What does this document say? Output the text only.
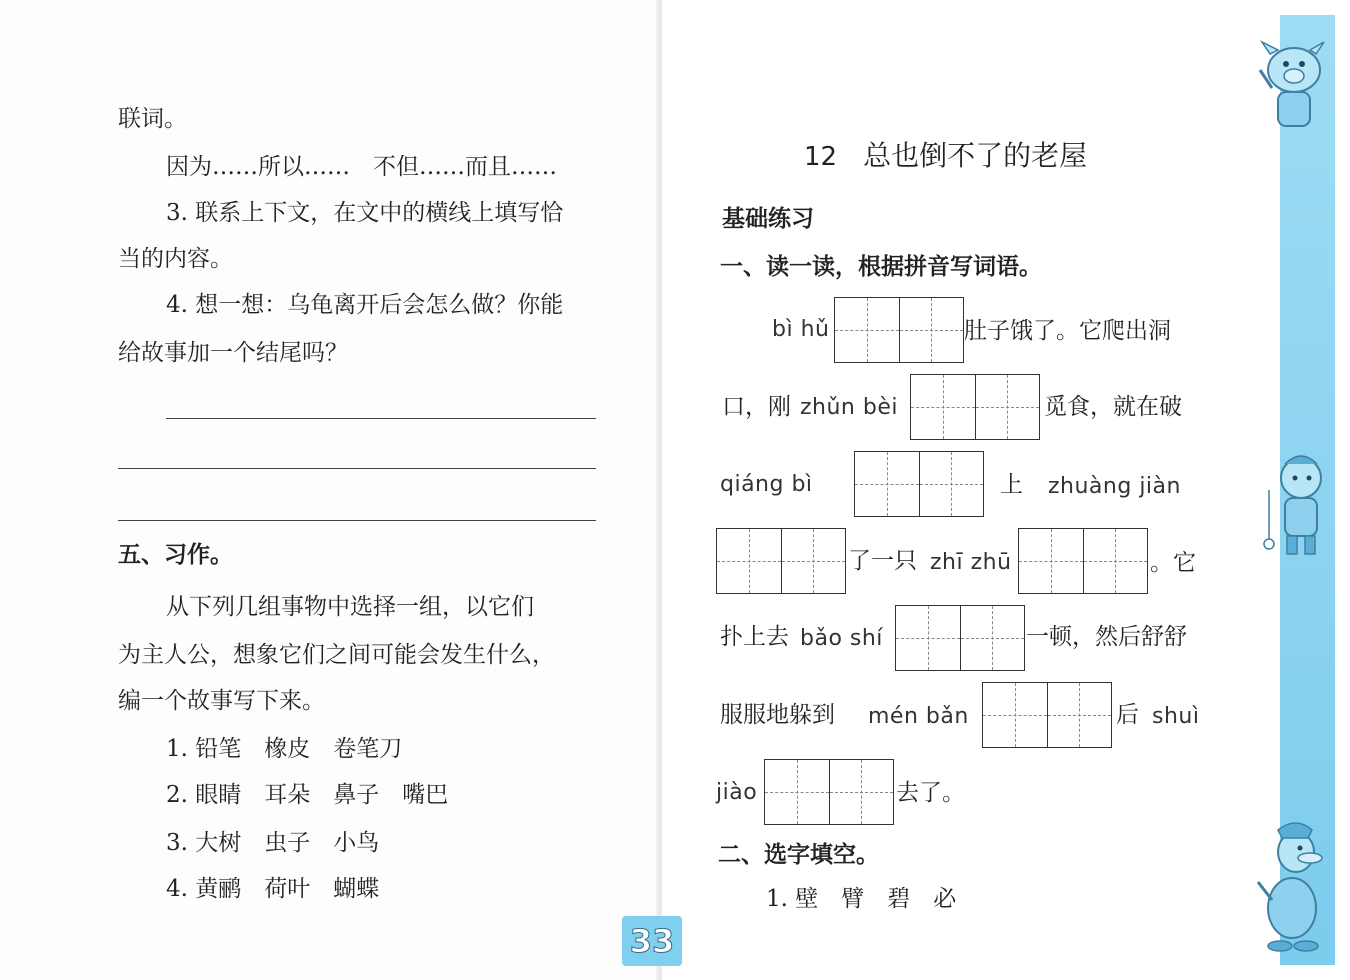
联词。
因为……所以……　不但……而且……
3. 联系上下文，在文中的横线上填写恰
当的内容。
4. 想一想：乌龟离开后会怎么做？你能
给故事加一个结尾吗？
五、习作。
从下列几组事物中选择一组，以它们
为主人公，想象它们之间可能会发生什么，
编一个故事写下来。
1. 铅笔　橡皮　卷笔刀
2. 眼睛　耳朵　鼻子　嘴巴
3. 大树　虫子　小鸟
4. 黄鹂　荷叶　蝴蝶
12 总也倒不了的老屋
基础练习
一、读一读，根据拼音写词语。
bì hǔ	肚子饿了。它爬出洞
口，刚 zhǔn bèi	觅食，就在破
qiáng bì	上 zhuàng jiàn
了一只 zhī zhū	。它
扑上去 bǎo shí	一顿，然后舒舒
服服地躲到 mén bǎn	后 shuì
jiào	去了。
二、选字填空。
1. 壁　臂　碧　必
33
